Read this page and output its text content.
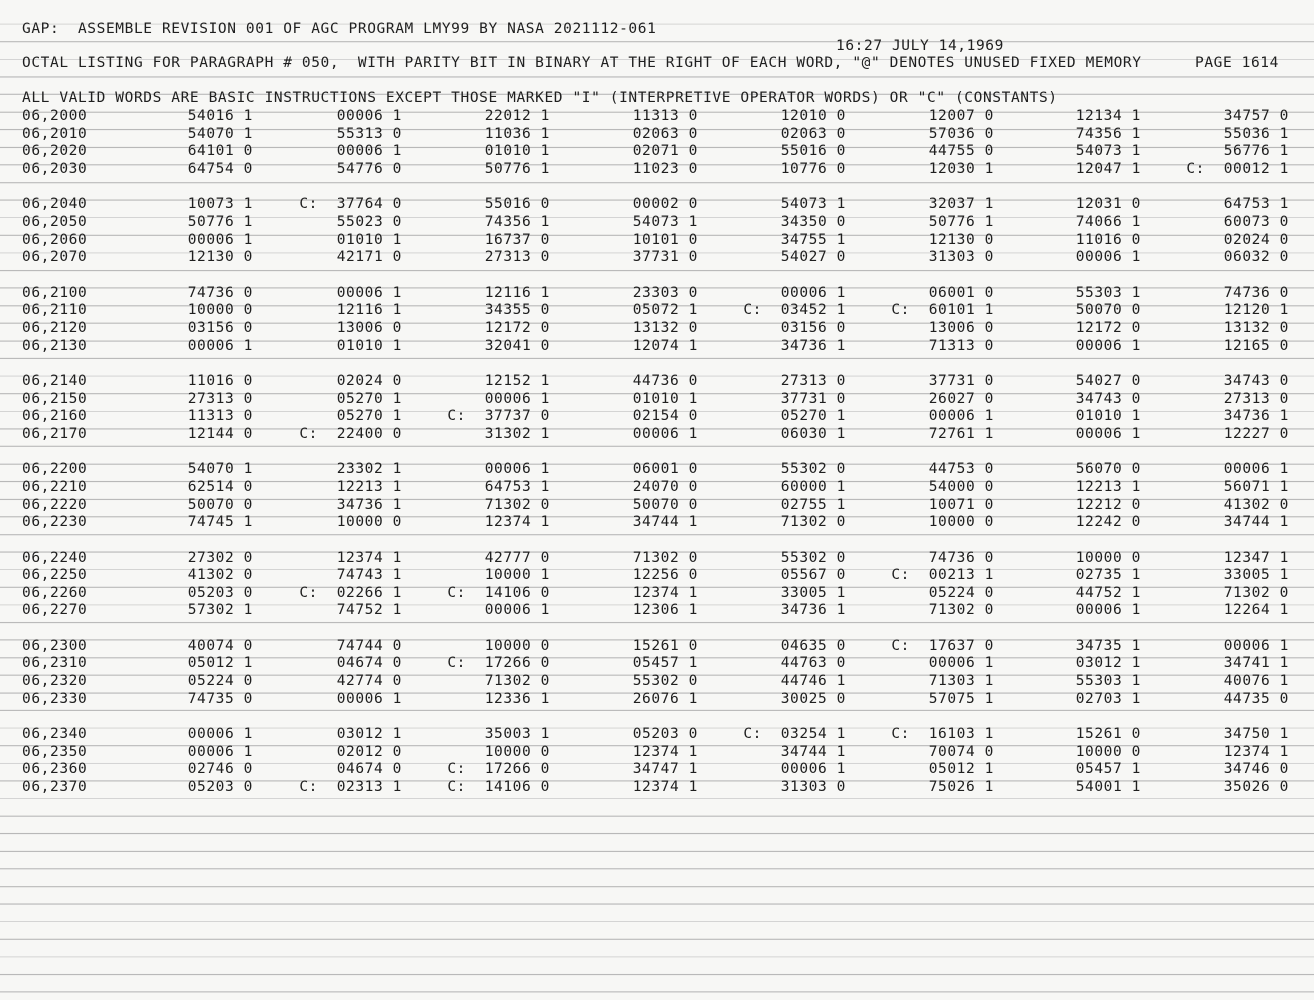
GAP:  ASSEMBLE REVISION 001 OF AGC PROGRAM LMY99 BY NASA 2021112-061

16:27 JULY 14,1969

PAGE 1614

OCTAL LISTING FOR PARAGRAPH # 050,  WITH PARITY BIT IN BINARY AT THE RIGHT OF EACH WORD, "@" DENOTES UNUSED FIXED MEMORY

ALL VALID WORDS ARE BASIC INSTRUCTIONS EXCEPT THOSE MARKED "I" (INTERPRETIVE OPERATOR WORDS) OR "C" (CONSTANTS)

06,2000	54016 1	00006 1	22012 1	11313 0	12010 0	12007 0	12134 1	34757 0
06,2010	54070 1	55313 0	11036 1	02063 0	02063 0	57036 0	74356 1	55036 1
06,2020	64101 0	00006 1	01010 1	02071 0	55016 0	44755 0	54073 1	56776 1
06,2030	64754 0	54776 0	50776 1	11023 0	10776 0	12030 1	12047 1	C: 00012 1
06,2040	10073 1	C: 37764 0	55016 0	00002 0	54073 1	32037 1	12031 0	64753 1
06,2050	50776 1	55023 0	74356 1	54073 1	34350 0	50776 1	74066 1	60073 0
06,2060	00006 1	01010 1	16737 0	10101 0	34755 1	12130 0	11016 0	02024 0
06,2070	12130 0	42171 0	27313 0	37731 0	54027 0	31303 0	00006 1	06032 0
06,2100	74736 0	00006 1	12116 1	23303 0	00006 1	06001 0	55303 1	74736 0
06,2110	10000 0	12116 1	34355 0	05072 1	C: 03452 1	C: 60101 1	50070 0	12120 1
06,2120	03156 0	13006 0	12172 0	13132 0	03156 0	13006 0	12172 0	13132 0
06,2130	00006 1	01010 1	32041 0	12074 1	34736 1	71313 0	00006 1	12165 0
06,2140	11016 0	02024 0	12152 1	44736 0	27313 0	37731 0	54027 0	34743 0
06,2150	27313 0	05270 1	00006 1	01010 1	37731 0	26027 0	34743 0	27313 0
06,2160	11313 0	05270 1	C: 37737 0	02154 0	05270 1	00006 1	01010 1	34736 1
06,2170	12144 0	C: 22400 0	31302 1	00006 1	06030 1	72761 1	00006 1	12227 0
06,2200	54070 1	23302 1	00006 1	06001 0	55302 0	44753 0	56070 0	00006 1
06,2210	62514 0	12213 1	64753 1	24070 0	60000 1	54000 0	12213 1	56071 1
06,2220	50070 0	34736 1	71302 0	50070 0	02755 1	10071 0	12212 0	41302 0
06,2230	74745 1	10000 0	12374 1	34744 1	71302 0	10000 0	12242 0	34744 1
06,2240	27302 0	12374 1	42777 0	71302 0	55302 0	74736 0	10000 0	12347 1
06,2250	41302 0	74743 1	10000 1	12256 0	05567 0	C: 00213 1	02735 1	33005 1
06,2260	05203 0	C: 02266 1	C: 14106 0	12374 1	33005 1	05224 0	44752 1	71302 0
06,2270	57302 1	74752 1	00006 1	12306 1	34736 1	71302 0	00006 1	12264 1
06,2300	40074 0	74744 0	10000 0	15261 0	04635 0	C: 17637 0	34735 1	00006 1
06,2310	05012 1	04674 0	C: 17266 0	05457 1	44763 0	00006 1	03012 1	34741 1
06,2320	05224 0	42774 0	71302 0	55302 0	44746 1	71303 1	55303 1	40076 1
06,2330	74735 0	00006 1	12336 1	26076 1	30025 0	57075 1	02703 1	44735 0
06,2340	00006 1	03012 1	35003 1	05203 0	C: 03254 1	C: 16103 1	15261 0	34750 1
06,2350	00006 1	02012 0	10000 0	12374 1	34744 1	70074 0	10000 0	12374 1
06,2360	02746 0	04674 0	C: 17266 0	34747 1	00006 1	05012 1	05457 1	34746 0
06,2370	05203 0	C: 02313 1	C: 14106 0	12374 1	31303 0	75026 1	54001 1	35026 0
